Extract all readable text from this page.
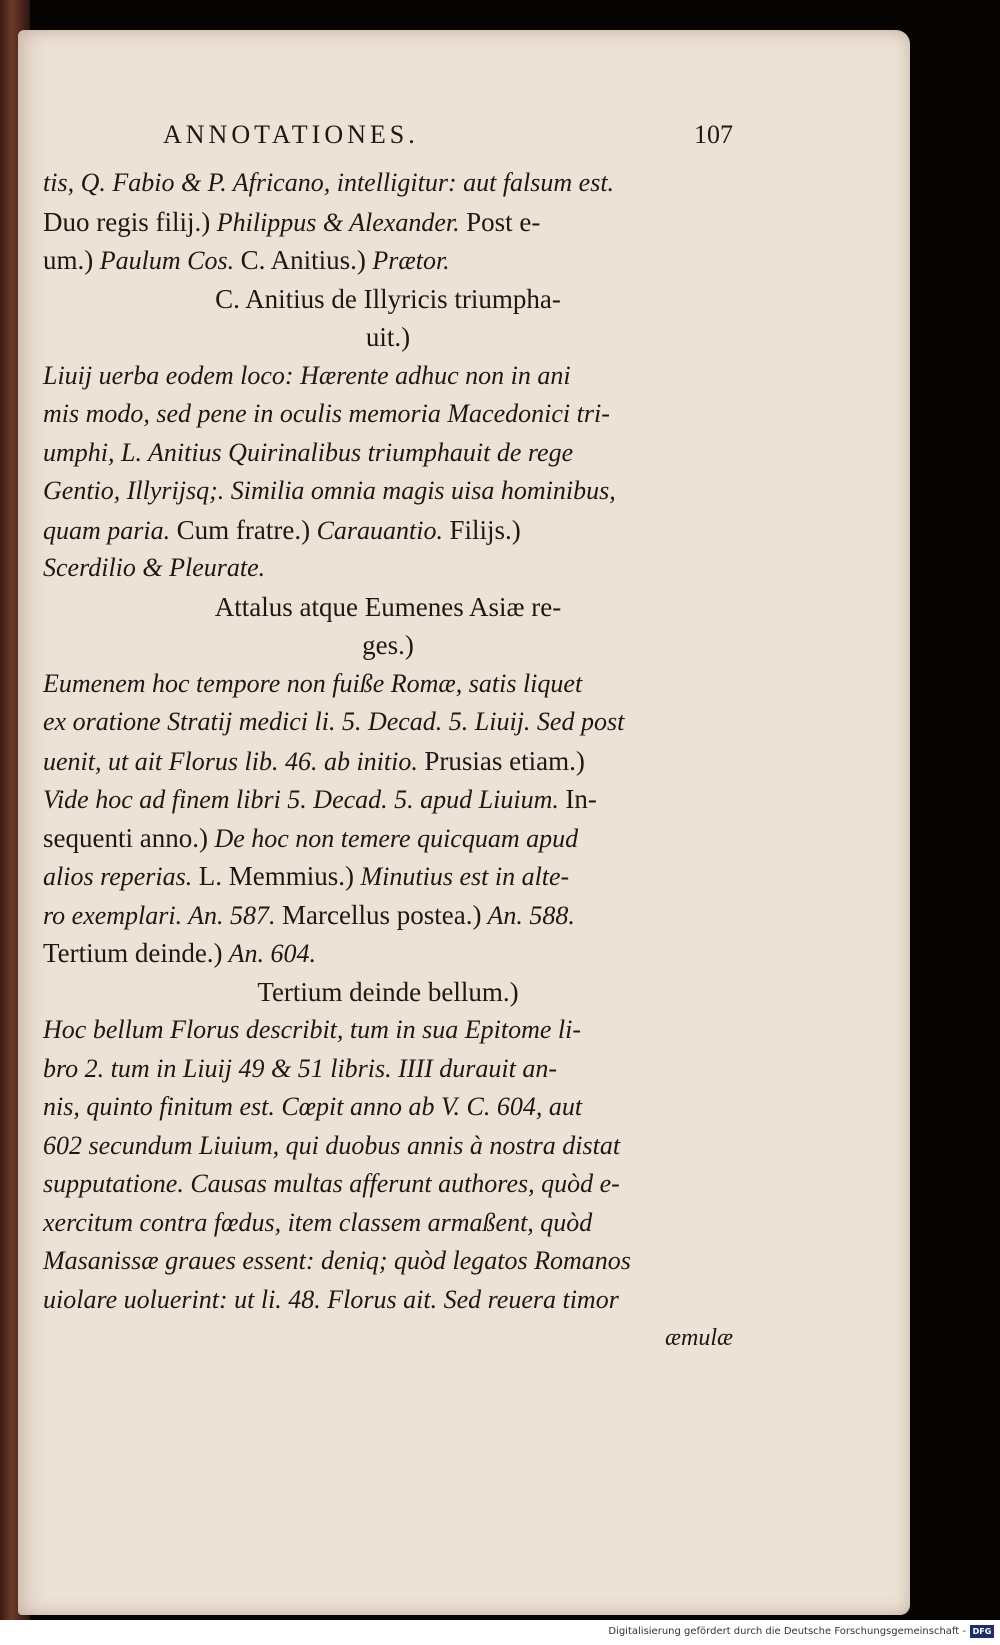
ANNOTATIONES.	107
tis, Q. Fabio & P. Africano, intelligitur: aut falsum est.
Duo regis filij.) Philippus & Alexander. Post e-
um.) Paulum Cos. C. Anitius.) Prætor.
C. Anitius de Illyricis triumpha-
uit.)
Liuij uerba eodem loco: Hærente adhuc non in ani
mis modo, sed pene in oculis memoria Macedonici tri-
umphi, L. Anitius Quirinalibus triumphauit de rege
Gentio, Illyrijsq;. Similia omnia magis uisa hominibus,
quam paria. Cum fratre.) Carauantio. Filijs.)
Scerdilio & Pleurate.
Attalus atque Eumenes Asiæ re-
ges.)
Eumenem hoc tempore non fuiße Romæ, satis liquet
ex oratione Stratij medici li. 5. Decad. 5. Liuij. Sed post
uenit, ut ait Florus lib. 46. ab initio. Prusias etiam.)
Vide hoc ad finem libri 5. Decad. 5. apud Liuium. In-
sequenti anno.) De hoc non temere quicquam apud
alios reperias. L. Memmius.) Minutius est in alte-
ro exemplari. An. 587. Marcellus postea.) An. 588.
Tertium deinde.) An. 604.
Tertium deinde bellum.)
Hoc bellum Florus describit, tum in sua Epitome li-
bro 2. tum in Liuij 49 & 51 libris. IIII durauit an-
nis, quinto finitum est. Cœpit anno ab V. C. 604, aut
602 secundum Liuium, qui duobus annis à nostra distat
supputatione. Causas multas afferunt authores, quòd e-
xercitum contra fœdus, item classem armaßent, quòd
Masanissæ graues essent: deniq; quòd legatos Romanos
uiolare uoluerint: ut li. 48. Florus ait. Sed reuera timor
æmulæ
Digitalisierung gefördert durch die Deutsche Forschungsgemeinschaft - DFG
